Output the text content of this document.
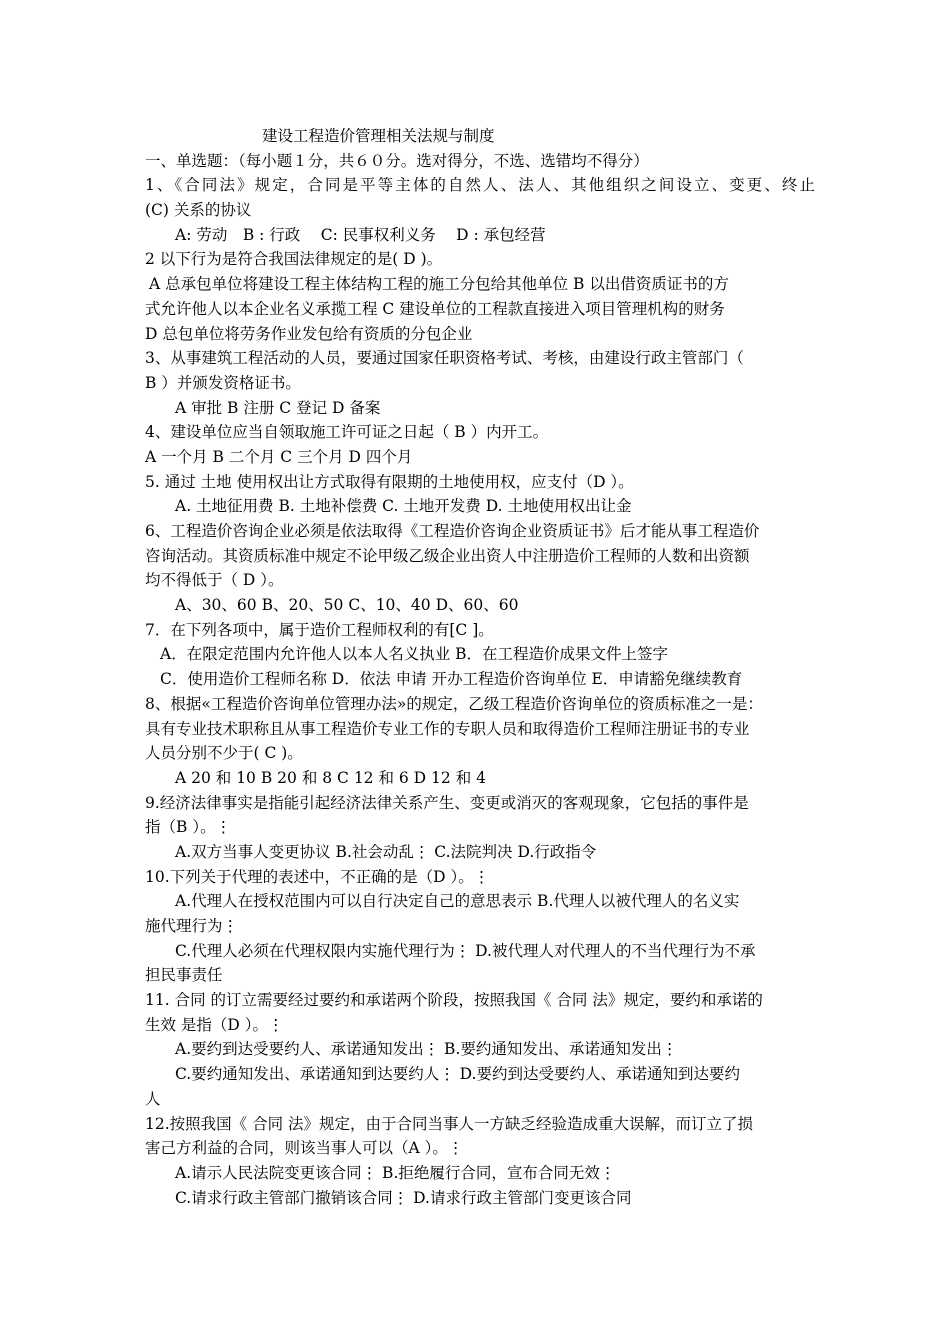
建设工程造价管理相关法规与制度
一、单选题：（每小题１分，共６０分。选对得分，不选、选错均不得分）
1、《合同法》规定，合同是平等主体的自然人、法人、其他组织之间设立、变更、终止
(C) 关系的协议
A: 劳动　B : 行政　 C: 民事权利义务　 D : 承包经营
2 以下行为是符合我国法律规定的是( D )。
A 总承包单位将建设工程主体结构工程的施工分包给其他单位 B 以出借资质证书的方
式允许他人以本企业名义承揽工程 C 建设单位的工程款直接进入项目管理机构的财务
D 总包单位将劳务作业发包给有资质的分包企业
3、从事建筑工程活动的人员，要通过国家任职资格考试、考核，由建设行政主管部门（
B ）并颁发资格证书。
A 审批 B 注册 C 登记 D 备案
4、建设单位应当自领取施工许可证之日起（ B ）内开工。
A 一个月 B 二个月 C 三个月 D 四个月
5. 通过 土地 使用权出让方式取得有限期的土地使用权，应支付（D ）。
A. 土地征用费 B. 土地补偿费 C. 土地开发费 D. 土地使用权出让金
6、工程造价咨询企业必须是依法取得《工程造价咨询企业资质证书》后才能从事工程造价
咨询活动。其资质标准中规定不论甲级乙级企业出资人中注册造价工程师的人数和出资额
均不得低于（ D ）。
A、30、60 B、20、50 C、10、40 D、60、60
7．在下列各项中，属于造价工程师权利的有[C ]。
A．在限定范围内允许他人以本人名义执业 B．在工程造价成果文件上签字
C．使用造价工程师名称 D．依法 申请 开办工程造价咨询单位 E．申请豁免继续教育
8、根据«工程造价咨询单位管理办法»的规定，乙级工程造价咨询单位的资质标准之一是：
具有专业技术职称且从事工程造价专业工作的专职人员和取得造价工程师注册证书的专业
人员分别不少于( C )。
A 20 和 10 B 20 和 8 C 12 和 6 D 12 和 4
9.经济法律事实是指能引起经济法律关系产生、变更或消灭的客观现象，它包括的事件是
指（B ）。⋮
A.双方当事人变更协议 B.社会动乱⋮ C.法院判决 D.行政指令
10.下列关于代理的表述中，不正确的是（D ）。⋮
A.代理人在授权范围内可以自行决定自己的意思表示 B.代理人以被代理人的名义实
施代理行为⋮
C.代理人必须在代理权限内实施代理行为⋮ D.被代理人对代理人的不当代理行为不承
担民事责任
11. 合同 的订立需要经过要约和承诺两个阶段，按照我国《 合同 法》规定，要约和承诺的
生效 是指（D ）。⋮
A.要约到达受要约人、承诺通知发出⋮ B.要约通知发出、承诺通知发出⋮
C.要约通知发出、承诺通知到达要约人⋮ D.要约到达受要约人、承诺通知到达要约
人
12.按照我国《 合同 法》规定，由于合同当事人一方缺乏经验造成重大误解，而订立了损
害己方利益的合同，则该当事人可以（A ）。⋮
A.请示人民法院变更该合同⋮ B.拒绝履行合同，宣布合同无效⋮
C.请求行政主管部门撤销该合同⋮ D.请求行政主管部门变更该合同
